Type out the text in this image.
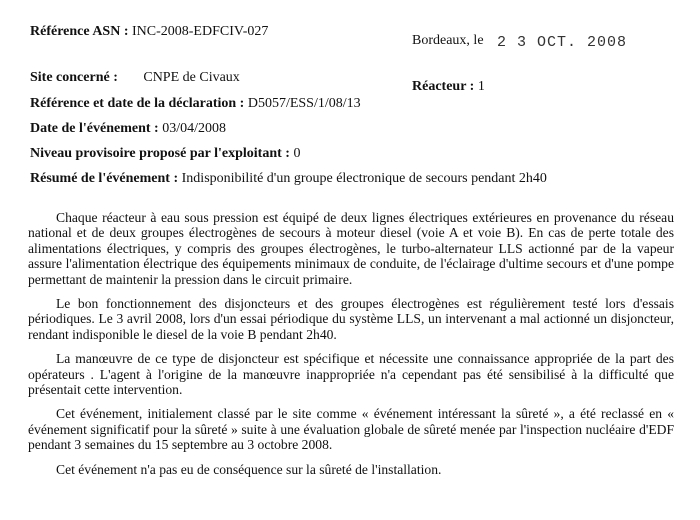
Référence ASN : INC-2008-EDFCIV-027
Bordeaux, le 2 3 OCT. 2008
Site concerné : CNPE de Civaux
Réacteur : 1
Référence et date de la déclaration : D5057/ESS/1/08/13
Date de l'événement : 03/04/2008
Niveau provisoire proposé par l'exploitant : 0
Résumé de l'événement : Indisponibilité d'un groupe électronique de secours pendant 2h40

Chaque réacteur à eau sous pression est équipé de deux lignes électriques extérieures en provenance du réseau national et de deux groupes électrogènes de secours à moteur diesel (voie A et voie B). En cas de perte totale des alimentations électriques, y compris des groupes électrogènes, le turbo-alternateur LLS actionné par de la vapeur assure l'alimentation électrique des équipements minimaux de conduite, de l'éclairage d'ultime secours et d'une pompe permettant de maintenir la pression dans le circuit primaire.

Le bon fonctionnement des disjoncteurs et des groupes électrogènes est régulièrement testé lors d'essais périodiques. Le 3 avril 2008, lors d'un essai périodique du système LLS, un intervenant a mal actionné un disjoncteur, rendant indisponible le diesel de la voie B pendant 2h40.

La manœuvre de ce type de disjoncteur est spécifique et nécessite une connaissance appropriée de la part des opérateurs . L'agent à l'origine de la manœuvre inappropriée n'a cependant pas été sensibilisé à la difficulté que présentait cette intervention.

Cet événement, initialement classé par le site comme « événement intéressant la sûreté », a été reclassé en « événement significatif pour la sûreté » suite à une évaluation globale de sûreté menée par l'inspection nucléaire d'EDF pendant 3 semaines du 15 septembre au 3 octobre 2008.

Cet événement n'a pas eu de conséquence sur la sûreté de l'installation.
